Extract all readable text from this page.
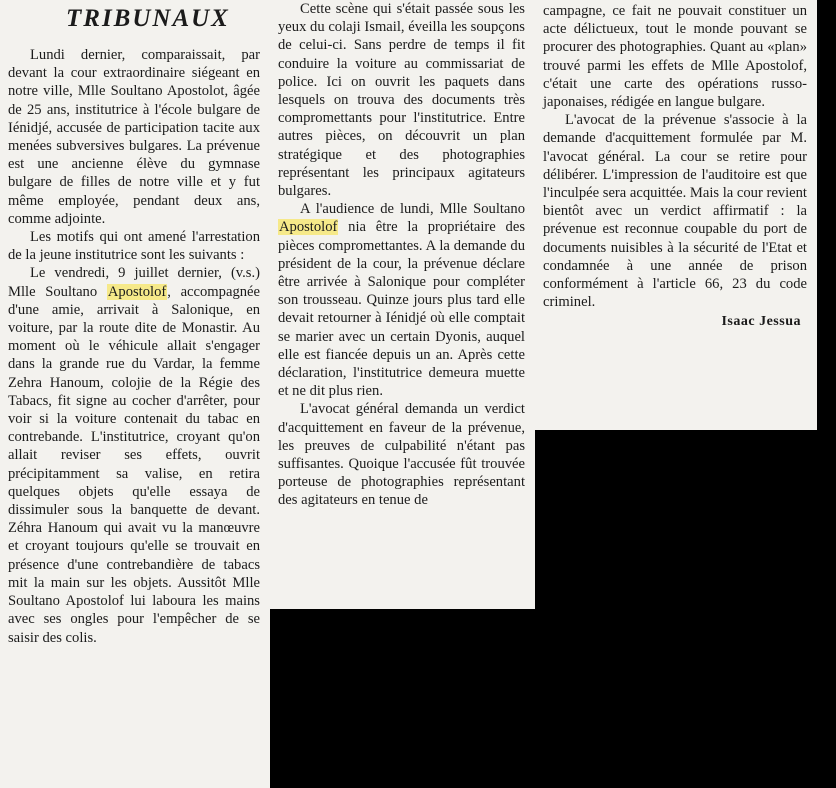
TRIBUNAUX

Lundi dernier, comparaissait, par devant la cour extraordinaire siégeant en notre ville, Mlle Soultano Apostolot, âgée de 25 ans, institutrice à l'école bulgare de Iénidjé, accusée de participation tacite aux menées subversives bulgares. La prévenue est une ancienne élève du gymnase bulgare de filles de notre ville et y fut même employée, pendant deux ans, comme adjointe.

Les motifs qui ont amené l'arrestation de la jeune institutrice sont les suivants :

Le vendredi, 9 juillet dernier, (v.s.) Mlle Soultano Apostolof, accompagnée d'une amie, arrivait à Salonique, en voiture, par la route dite de Monastir. Au moment où le véhicule allait s'engager dans la grande rue du Vardar, la femme Zehra Hanoum, colojie de la Régie des Tabacs, fit signe au cocher d'arrêter, pour voir si la voiture contenait du tabac en contrebande. L'institutrice, croyant qu'on allait reviser ses effets, ouvrit précipitamment sa valise, en retira quelques objets qu'elle essaya de dissimuler sous la banquette de devant. Zéhra Hanoum qui avait vu la manœuvre et croyant toujours qu'elle se trouvait en présence d'une contrebandière de tabacs mit la main sur les objets. Aussitôt Mlle Soultano Apostolof lui laboura les mains avec ses ongles pour l'empêcher de se saisir des colis.

Cette scène qui s'était passée sous les yeux du colaji Ismail, éveilla les soupçons de celui-ci. Sans perdre de temps il fit conduire la voiture au commissariat de police. Ici on ouvrit les paquets dans lesquels on trouva des documents très compromettants pour l'institutrice. Entre autres pièces, on découvrit un plan stratégique et des photographies représentant les principaux agitateurs bulgares.

A l'audience de lundi, Mlle Soultano Apostolof nia être la propriétaire des pièces compromettantes. A la demande du président de la cour, la prévenue déclare être arrivée à Salonique pour compléter son trousseau. Quinze jours plus tard elle devait retourner à Iénidjé où elle comptait se marier avec un certain Dyonis, auquel elle est fiancée depuis un an. Après cette déclaration, l'institutrice demeura muette et ne dit plus rien.

L'avocat général demanda un verdict d'acquittement en faveur de la prévenue, les preuves de culpabilité n'étant pas suffisantes. Quoique l'accusée fût trouvée porteuse de photographies représentant des agitateurs en tenue de

campagne, ce fait ne pouvait constituer un acte délictueux, tout le monde pouvant se procurer des photographies. Quant au «plan» trouvé parmi les effets de Mlle Apostolof, c'était une carte des opérations russo-japonaises, rédigée en langue bulgare.

L'avocat de la prévenue s'associe à la demande d'acquittement formulée par M. l'avocat général. La cour se retire pour délibérer. L'impression de l'auditoire est que l'inculpée sera acquittée. Mais la cour revient bientôt avec un verdict affirmatif : la prévenue est reconnue coupable du port de documents nuisibles à la sécurité de l'Etat et condamnée à une année de prison conformément à l'article 66, 23 du code criminel.

Isaac Jessua
